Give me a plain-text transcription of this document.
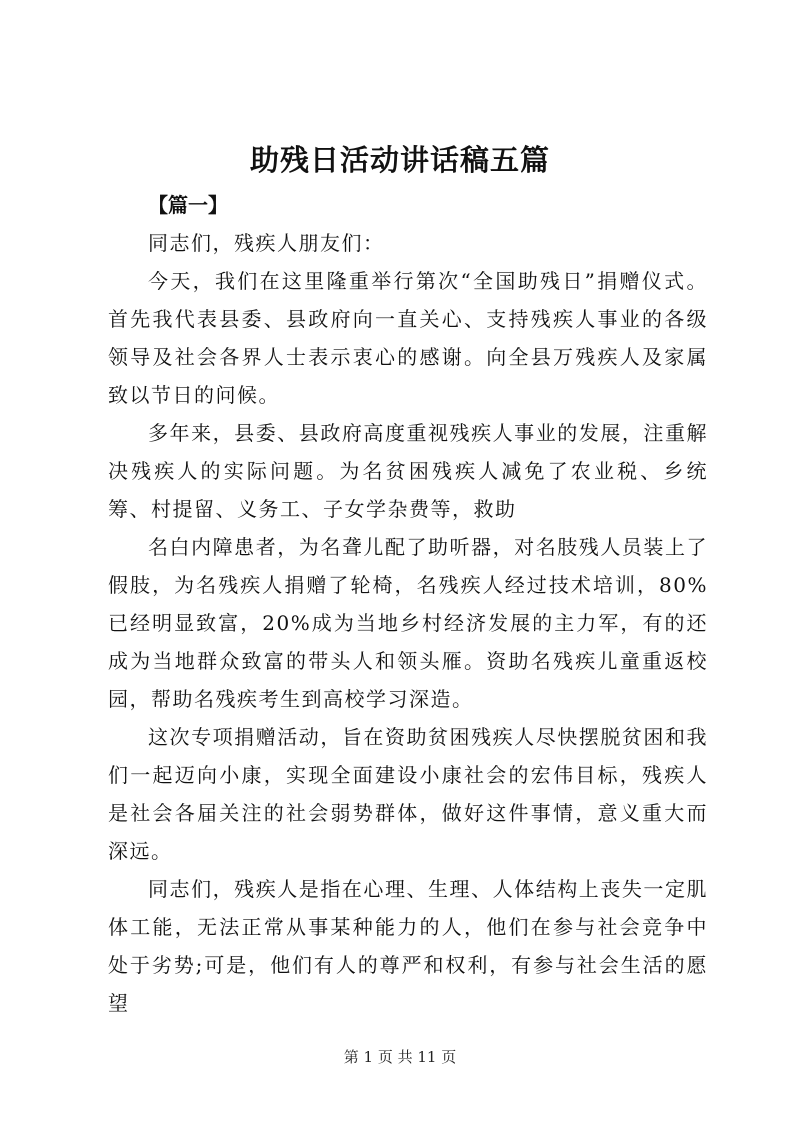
助残日活动讲话稿五篇

【篇一】

同志们，残疾人朋友们：

今天，我们在这里隆重举行第次“全国助残日”捐赠仪式。首先我代表县委、县政府向一直关心、支持残疾人事业的各级领导及社会各界人士表示衷心的感谢。向全县万残疾人及家属致以节日的问候。

多年来，县委、县政府高度重视残疾人事业的发展，注重解决残疾人的实际问题。为名贫困残疾人减免了农业税、乡统筹、村提留、义务工、子女学杂费等，救助

名白内障患者，为名聋儿配了助听器，对名肢残人员装上了假肢，为名残疾人捐赠了轮椅，名残疾人经过技术培训，80%已经明显致富，20%成为当地乡村经济发展的主力军，有的还成为当地群众致富的带头人和领头雁。资助名残疾儿童重返校园，帮助名残疾考生到高校学习深造。

这次专项捐赠活动，旨在资助贫困残疾人尽快摆脱贫困和我们一起迈向小康，实现全面建设小康社会的宏伟目标，残疾人是社会各届关注的社会弱势群体，做好这件事情，意义重大而深远。

同志们，残疾人是指在心理、生理、人体结构上丧失一定肌体工能，无法正常从事某种能力的人，他们在参与社会竞争中处于劣势;可是，他们有人的尊严和权利，有参与社会生活的愿望

第 1 页 共 11 页
